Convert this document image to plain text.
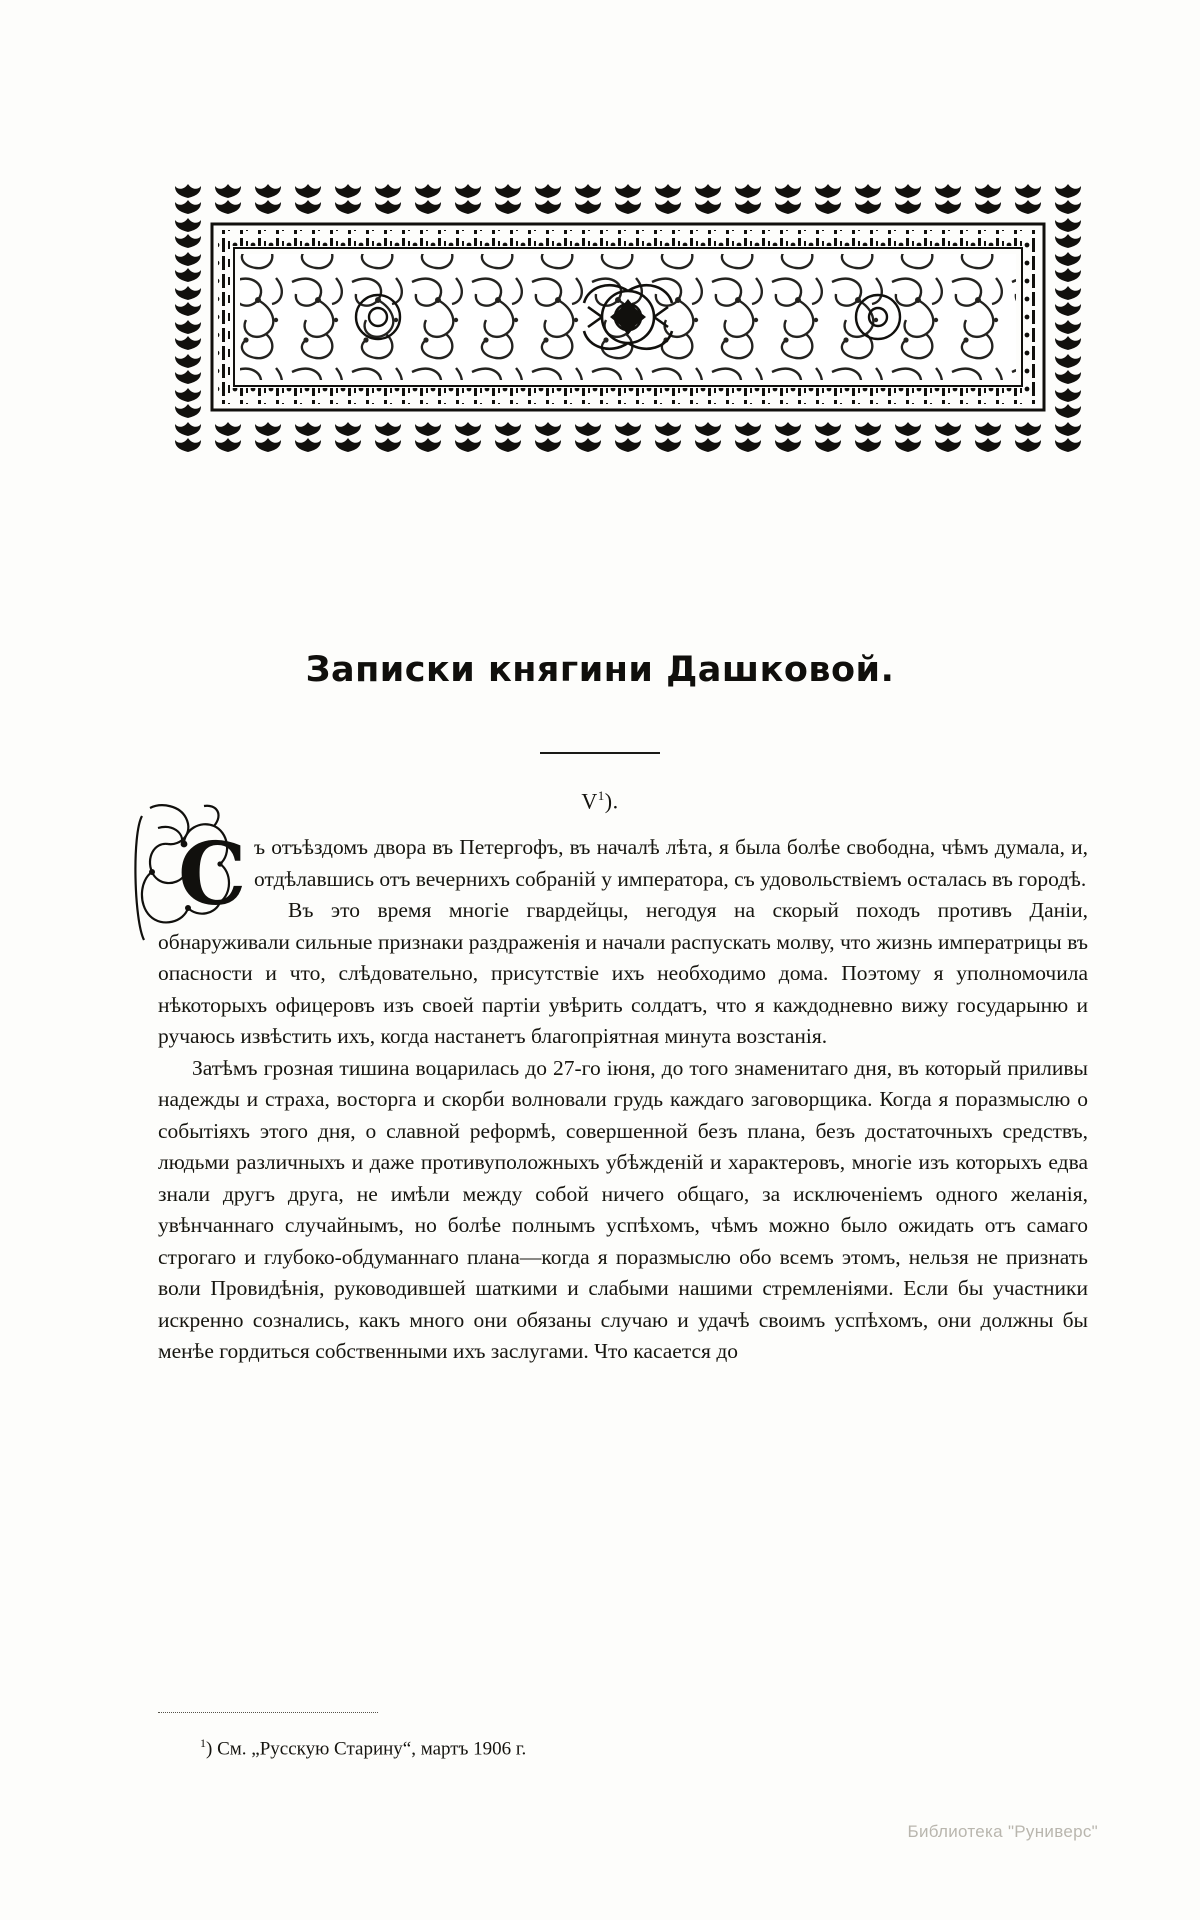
Записки княгини Дашковой.
$V^1$).
С ъ отъѣздомъ двора въ Петергофъ, въ началѣ лѣта, я была болѣе свободна, чѣмъ думала, и, отдѣлавшись отъ вечернихъ собраній у императора, съ удовольствіемъ осталась въ городѣ.

Въ это время многіе гвардейцы, негодуя на скорый походъ противъ Даніи, обнаруживали сильные признаки раздраженія и начали распускать молву, что жизнь императрицы въ опасности и что, слѣдовательно, присутствіе ихъ необходимо дома. Поэтому я уполномочила нѣкоторыхъ офицеровъ изъ своей партіи увѣрить солдатъ, что я каждодневно вижу государыню и ручаюсь извѣстить ихъ, когда настанетъ благопріятная минута возстанія.

Затѣмъ грозная тишина воцарилась до 27-го іюня, до того знаменитаго дня, въ который приливы надежды и страха, восторга и скорби волновали грудь каждаго заговорщика. Когда я поразмыслю о событіяхъ этого дня, о славной реформѣ, совершенной безъ плана, безъ достаточныхъ средствъ, людьми различныхъ и даже противуположныхъ убѣжденій и характеровъ, многіе изъ которыхъ едва знали другъ друга, не имѣли между собой ничего общаго, за исключеніемъ одного желанія, увѣнчаннаго случайнымъ, но болѣе полнымъ успѣхомъ, чѣмъ можно было ожидать отъ самаго строгаго и глубоко-обдуманнаго плана—когда я поразмыслю обо всемъ этомъ, нельзя не признать воли Провидѣнія, руководившей шаткими и слабыми нашими стремленіями. Если бы участники искренно сознались, какъ много они обязаны случаю и удачѣ своимъ успѣхомъ, они должны бы менѣе гордиться собственными ихъ заслугами. Что касается до

$^1$) См. „Русскую Старину“, мартъ 1906 г.
Библиотека "Руниверс"
